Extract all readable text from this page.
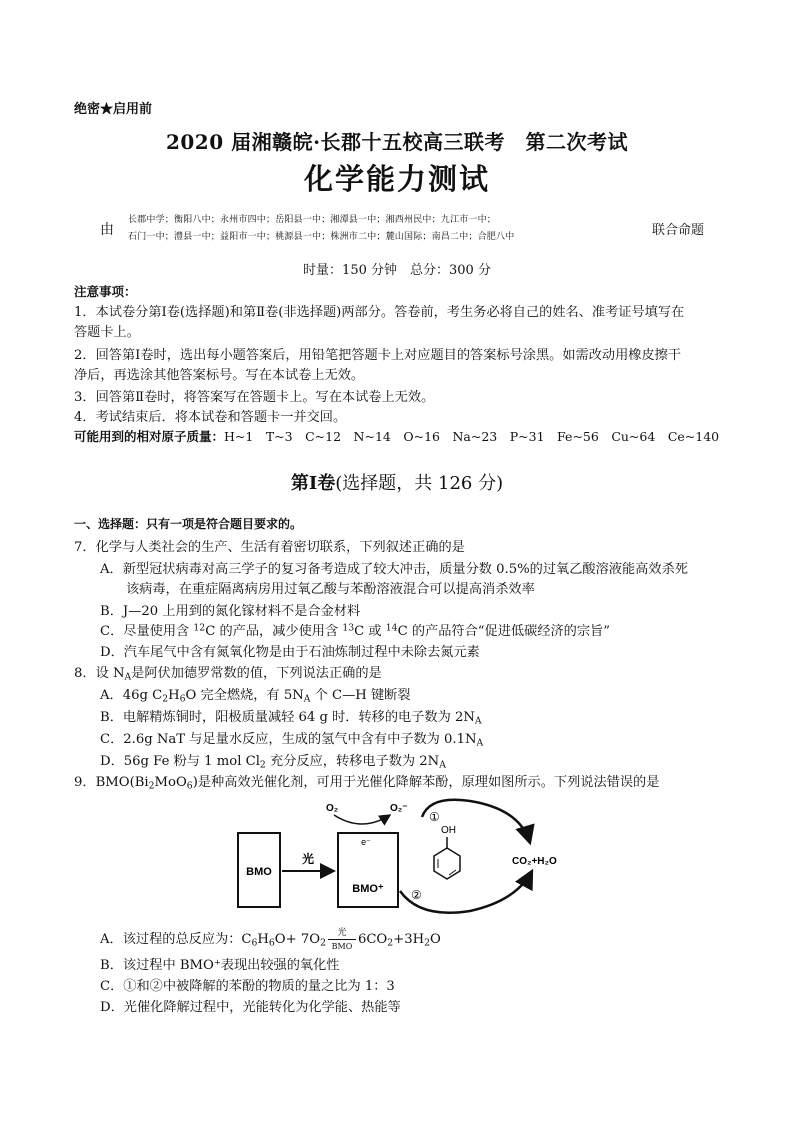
绝密★启用前
2020 届湘赣皖·长郡十五校高三联考　第二次考试
化学能力测试
由
长郡中学；衡阳八中；永州市四中；岳阳县一中；湘潭县一中；湘西州民中；九江市一中；
石门一中；澧县一中；益阳市一中；桃源县一中；株洲市二中；麓山国际；南昌二中；合肥八中	联合命题
时量：150 分钟　总分：300 分
注意事项：
1．本试卷分第Ⅰ卷(选择题)和第Ⅱ卷(非选择题)两部分。答卷前，考生务必将自己的姓名、准考证号填写在
答题卡上。
2．回答第Ⅰ卷时，选出每小题答案后，用铅笔把答题卡上对应题目的答案标号涂黑。如需改动用橡皮擦干
净后，再选涂其他答案标号。写在本试卷上无效。
3．回答第Ⅱ卷时，将答案写在答题卡上。写在本试卷上无效。
4．考试结束后．将本试卷和答题卡一并交回。
可能用到的相对原子质量：H~1　T~3　C~12　N~14　O~16　Na~23　P~31　Fe~56　Cu~64　Ce~140
第Ⅰ卷(选择题，共 126 分)
一、选择题：只有一项是符合题目要求的。
7．化学与人类社会的生产、生活有着密切联系，下列叙述正确的是
A．新型冠状病毒对高三学子的复习备考造成了较大冲击，质量分数 0.5%的过氧乙酸溶液能高效杀死
该病毒，在重症隔离病房用过氧乙酸与苯酚溶液混合可以提高消杀效率
B．J—20 上用到的氮化镓材料不是合金材料
C．尽量使用含 $^{12}$C 的产品，减少使用含 $^{13}$C 或 $^{14}$C 的产品符合“促进低碳经济的宗旨”
D．汽车尾气中含有氮氧化物是由于石油炼制过程中未除去氮元素
8．设 $N_A$是阿伏加德罗常数的值，下列说法正确的是
A．46g $C_2H_6O$ 完全燃烧，有 $5N_A$ 个 C—H 键断裂
B．电解精炼铜时，阳极质量减轻 64 g 时．转移的电子数为 $2N_A$
C．2.6g NaT 与足量水反应，生成的氢气中含有中子数为 $0.1N_A$
D．56g Fe 粉与 1 mol $Cl_2$ 充分反应，转移电子数为 $2N_A$
9．$BMO(Bi_2MoO_6)$是种高效光催化剂，可用于光催化降解苯酚，原理如图所示。下列说法错误的是
BMO
光
e⁻
BMO⁺
O₂	O₂⁻
①
②
OH
CO₂+H₂O
A．该过程的总反应为：$C_6H_6O+ 7O_2$
光
BMO $6CO_2+3H_2O$
B．该过程中 BMO⁺表现出较强的氧化性
C．①和②中被降解的苯酚的物质的量之比为 1：3
D．光催化降解过程中，光能转化为化学能、热能等
